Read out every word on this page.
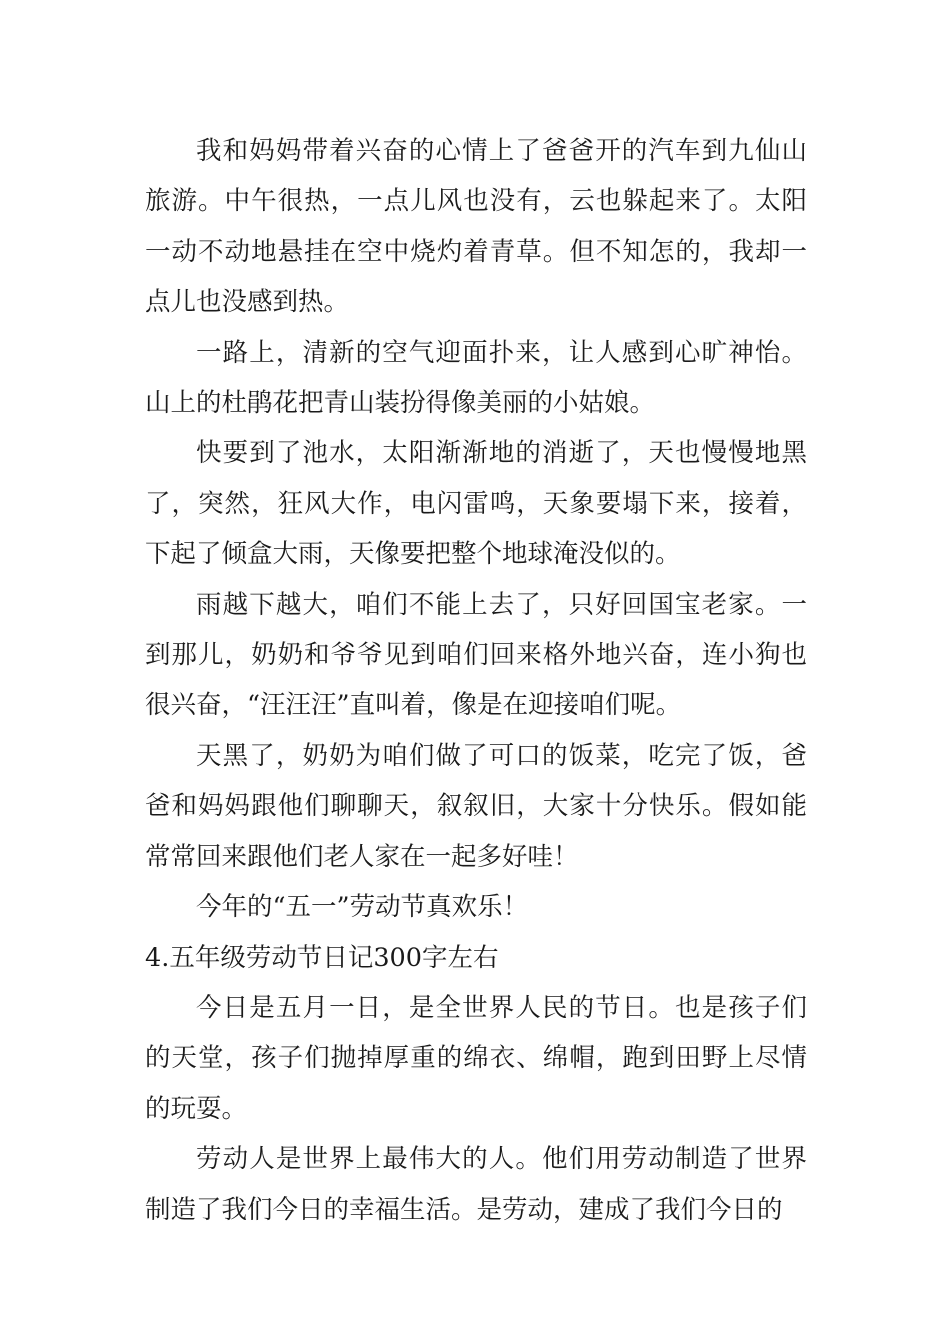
我和妈妈带着兴奋的心情上了爸爸开的汽车到九仙山旅游。中午很热，一点儿风也没有，云也躲起来了。太阳一动不动地悬挂在空中烧灼着青草。但不知怎的，我却一点儿也没感到热。

一路上，清新的空气迎面扑来，让人感到心旷神怡。山上的杜鹃花把青山装扮得像美丽的小姑娘。

快要到了池水，太阳渐渐地的消逝了，天也慢慢地黑了，突然，狂风大作，电闪雷鸣，天象要塌下来，接着，下起了倾盒大雨，天像要把整个地球淹没似的。

雨越下越大，咱们不能上去了，只好回国宝老家。一到那儿，奶奶和爷爷见到咱们回来格外地兴奋，连小狗也很兴奋，“汪汪汪”直叫着，像是在迎接咱们呢。

天黑了，奶奶为咱们做了可口的饭菜，吃完了饭，爸爸和妈妈跟他们聊聊天，叙叙旧，大家十分快乐。假如能常常回来跟他们老人家在一起多好哇！

今年的“五一”劳动节真欢乐！

4.五年级劳动节日记300字左右

今日是五月一日，是全世界人民的节日。也是孩子们的天堂，孩子们抛掉厚重的绵衣、绵帽，跑到田野上尽情的玩耍。

劳动人是世界上最伟大的人。他们用劳动制造了世界制造了我们今日的幸福生活。是劳动，建成了我们今日的
